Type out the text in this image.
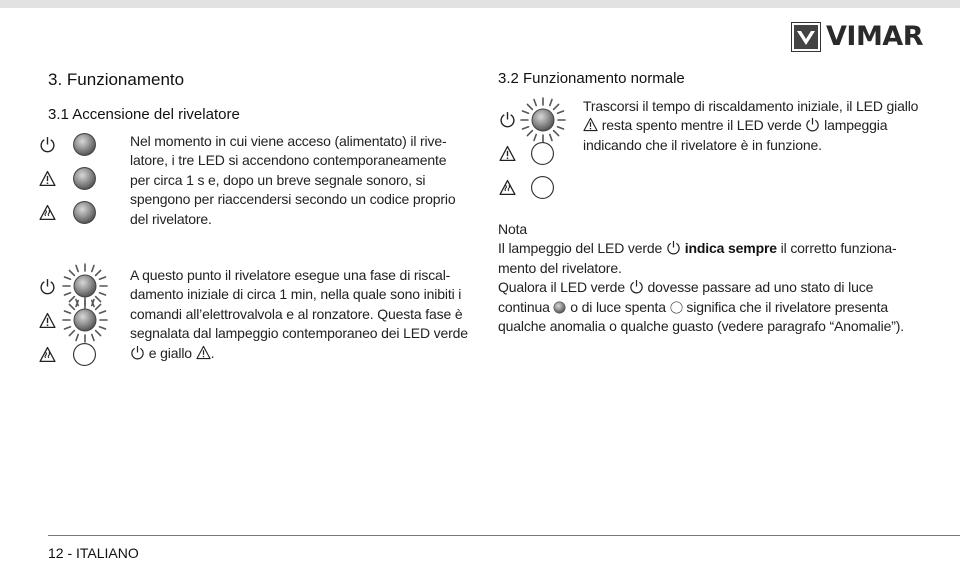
VIMAR
3. Funzionamento
3.1 Accensione del rivelatore
Nel momento in cui viene acceso (alimentato) il rive-
latore, i tre LED si accendono contemporaneamente
per circa 1 s e, dopo un breve segnale sonoro, si
spengono per riaccendersi secondo un codice proprio
del rivelatore.
A questo punto il rivelatore esegue una fase di riscal-
damento iniziale di circa 1 min, nella quale sono inibiti i
comandi all’elettrovalvola e al ronzatore. Questa fase è
segnalata dal lampeggio contemporaneo dei LED verde
e giallo .
3.2 Funzionamento normale
Trascorsi il tempo di riscaldamento iniziale, il LED giallo
resta spento mentre il LED verde lampeggia
indicando che il rivelatore è in funzione.
Nota
Il lampeggio del LED verde indica sempre il corretto funziona-
mento del rivelatore.
Qualora il LED verde dovesse passare ad uno stato di luce
continua o di luce spenta significa che il rivelatore presenta
qualche anomalia o qualche guasto (vedere paragrafo “Anomalie”).
12 - ITALIANO
